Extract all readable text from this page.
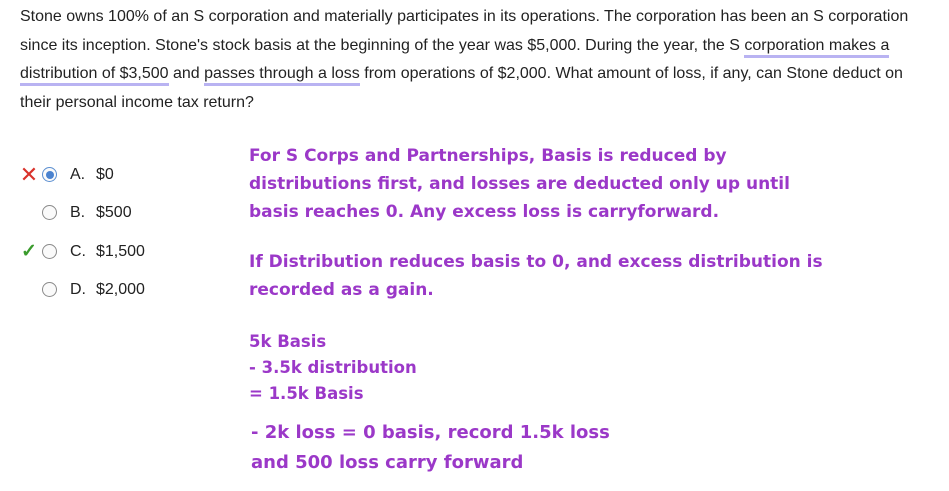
Stone owns 100% of an S corporation and materially participates in its operations. The corporation has been an S corporation since its inception. Stone's stock basis at the beginning of the year was $5,000. During the year, the S corporation makes a distribution of $3,500 and passes through a loss from operations of $2,000. What amount of loss, if any, can Stone deduct on their personal income tax return?

✕ A. $0
B. $500
✓ C. $1,500
D. $2,000
For S Corps and Partnerships, Basis is reduced by
distributions first, and losses are deducted only up until
basis reaches 0. Any excess loss is carryforward.
If Distribution reduces basis to 0, and excess distribution is
recorded as a gain.
5k Basis
- 3.5k distribution
= 1.5k Basis
- 2k loss = 0 basis, record 1.5k loss
and 500 loss carry forward
